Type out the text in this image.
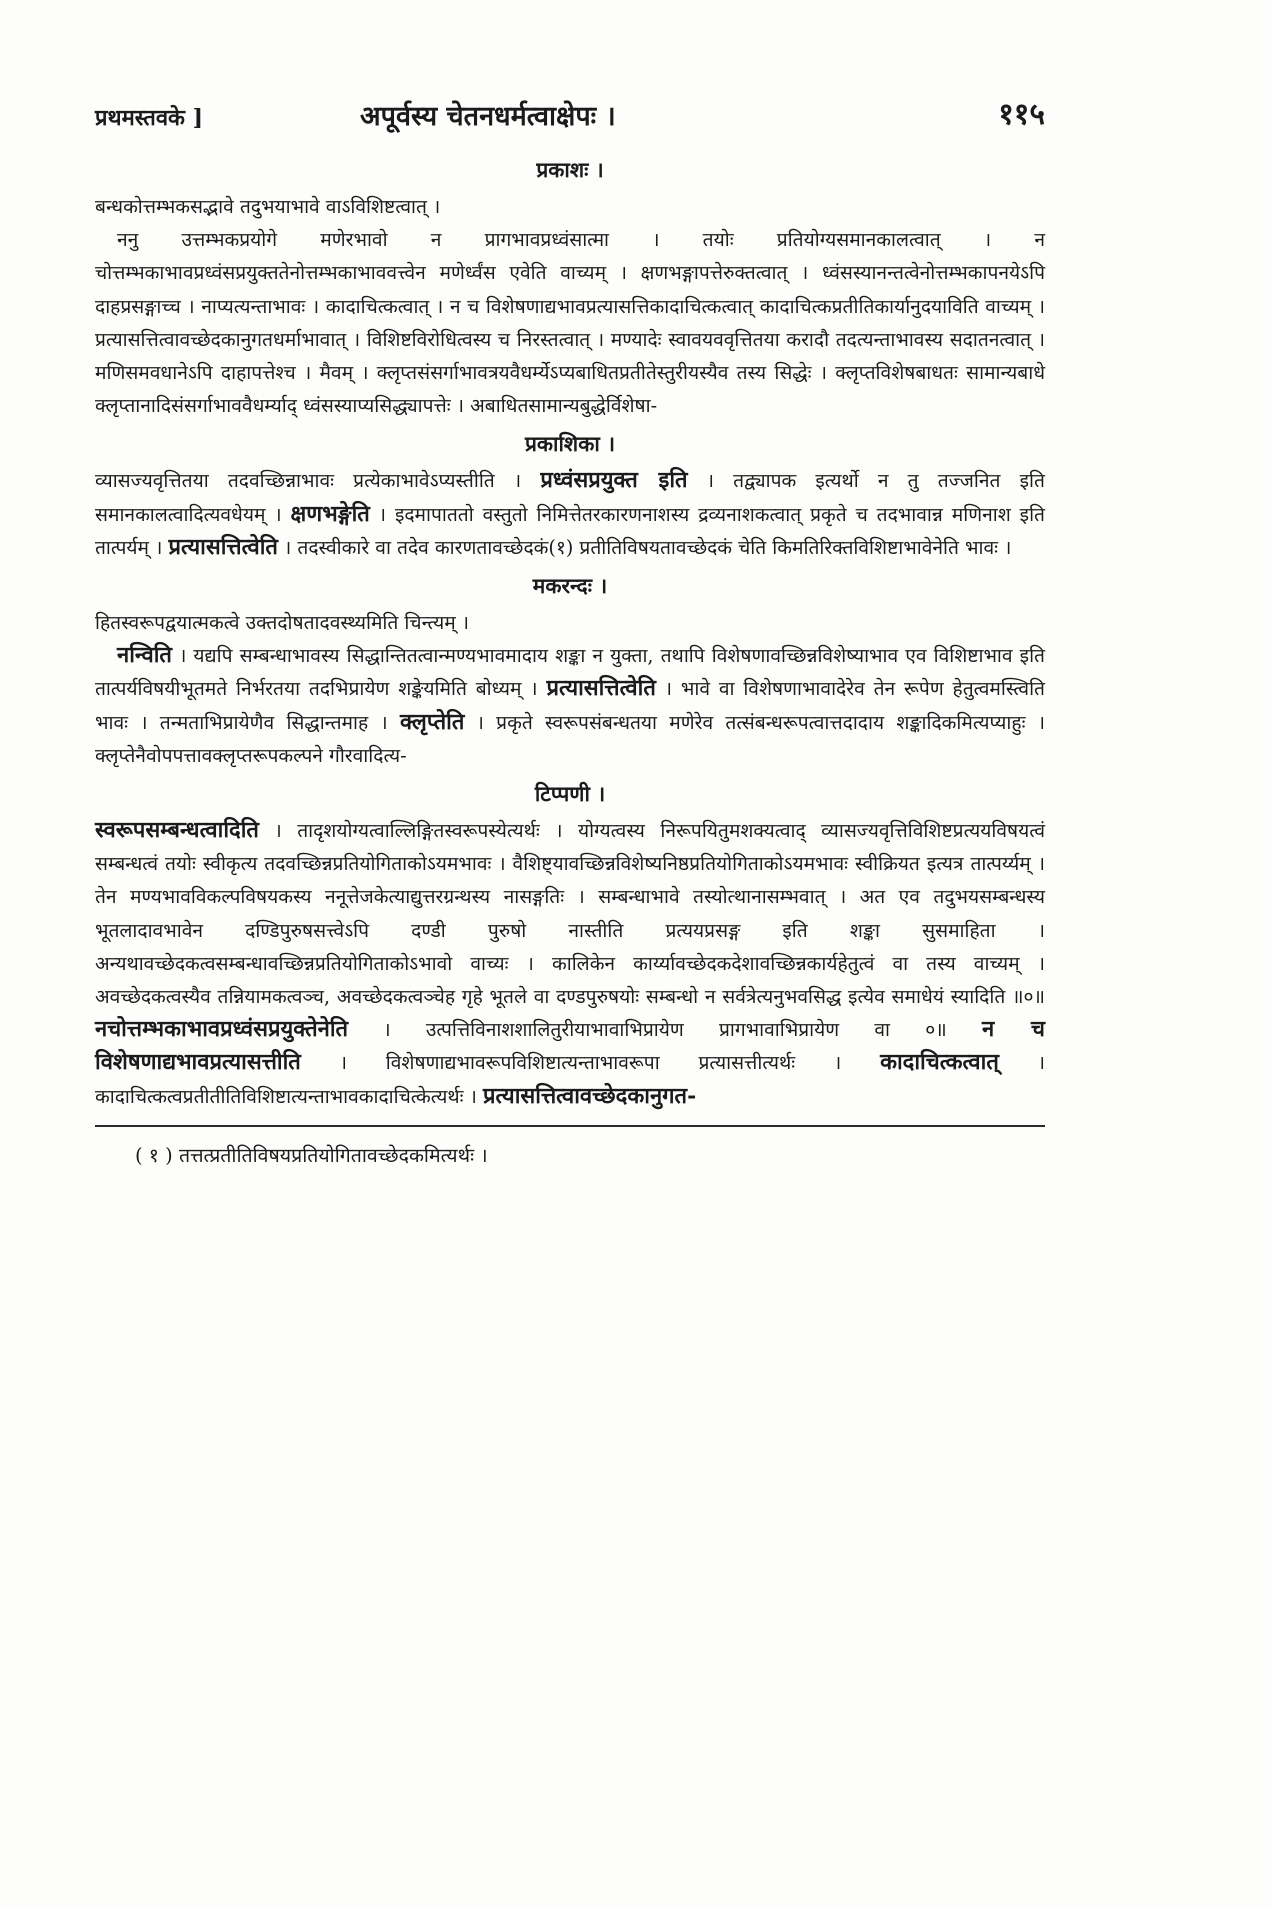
प्रथमस्तवके ]	अपूर्वस्य चेतनधर्मत्वाक्षेपः ।	११५
प्रकाशः ।

बन्धकोत्तम्भकसद्भावे तदुभयाभावे वाऽविशिष्टत्वात् ।

ननु उत्तम्भकप्रयोगे मणेरभावो न प्रागभावप्रध्वंसात्मा । तयोः प्रतियोग्यसमानकालत्वात् । न चोत्तम्भकाभावप्रध्वंसप्रयुक्ततेनोत्तम्भकाभाववत्त्वेन मणेर्ध्वंस एवेति वाच्यम् । क्षणभङ्गापत्तेरुक्तत्वात् । ध्वंसस्यानन्तत्वेनोत्तम्भकापनयेऽपि दाहप्रसङ्गाच्च । नाप्यत्यन्ताभावः । कादाचित्कत्वात् । न च विशेषणाद्यभावप्रत्यासत्तिकादाचित्कत्वात् कादाचित्कप्रतीतिकार्यानुदयाविति वाच्यम् । प्रत्यासत्तित्वावच्छेदकानुगतधर्माभावात् । विशिष्टविरोधित्वस्य च निरस्तत्वात् । मण्यादेः स्वावयववृत्तितया करादौ तदत्यन्ताभावस्य सदातनत्वात् । मणिसमवधानेऽपि दाहापत्तेश्च । मैवम् । क्लृप्तसंसर्गाभावत्रयवैधर्म्येऽप्यबाधितप्रतीतेस्तुरीयस्यैव तस्य सिद्धेः । क्लृप्तविशेषबाधतः सामान्यबाधे क्लृप्तानादिसंसर्गाभाववैधर्म्याद् ध्वंसस्याप्यसिद्ध्यापत्तेः । अबाधितसामान्यबुद्धेर्विशेषा-

प्रकाशिका ।

व्यासज्यवृत्तितया तदवच्छिन्नाभावः प्रत्येकाभावेऽप्यस्तीति । प्रध्वंसप्रयुक्त इति । तद्व्यापक इत्यर्थो न तु तज्जनित इति समानकालत्वादित्यवधेयम् । क्षणभङ्गेति । इदमापाततो वस्तुतो निमित्तेतरकारणनाशस्य द्रव्यनाशकत्वात् प्रकृते च तदभावान्न मणिनाश इति तात्पर्यम् । प्रत्यासत्तित्वेति । तदस्वीकारे वा तदेव कारणतावच्छेदकं(१) प्रतीतिविषयतावच्छेदकं चेति किमतिरिक्तविशिष्टाभावेनेति भावः ।

मकरन्दः ।

हितस्वरूपद्वयात्मकत्वे उक्तदोषतादवस्थ्यमिति चिन्त्यम् ।

नन्विति । यद्यपि सम्बन्धाभावस्य सिद्धान्तितत्वान्मण्यभावमादाय शङ्का न युक्ता, तथापि विशेषणावच्छिन्नविशेष्याभाव एव विशिष्टाभाव इति तात्पर्यविषयीभूतमते निर्भरतया तदभिप्रायेण शङ्केयमिति बोध्यम् । प्रत्यासत्तित्वेति । भावे वा विशेषणाभावादेरेव तेन रूपेण हेतुत्वमस्त्विति भावः । तन्मताभिप्रायेणैव सिद्धान्तमाह । क्लृप्तेति । प्रकृते स्वरूपसंबन्धतया मणेरेव तत्संबन्धरूपत्वात्तदादाय शङ्कादिकमित्यप्याहुः । क्लृप्तेनैवोपपत्तावक्लृप्तरूपकल्पने गौरवादित्य-

टिप्पणी ।

स्वरूपसम्बन्धत्वादिति । तादृशयोग्यत्वाल्लिङ्गितस्वरूपस्येत्यर्थः । योग्यत्वस्य निरूपयितुमशक्यत्वाद् व्यासज्यवृत्तिविशिष्टप्रत्ययविषयत्वं सम्बन्धत्वं तयोः स्वीकृत्य तदवच्छिन्नप्रतियोगिताकोऽयमभावः । वैशिष्ट्यावच्छिन्नविशेष्यनिष्ठप्रतियोगिताकोऽयमभावः स्वीक्रियत इत्यत्र तात्पर्य्यम् । तेन मण्यभावविकल्पविषयकस्य ननूत्तेजकेत्याद्युत्तरग्रन्थस्य नासङ्गतिः । सम्बन्धाभावे तस्योत्थानासम्भवात् । अत एव तदुभयसम्बन्धस्य भूतलादावभावेन दण्डिपुरुषसत्त्वेऽपि दण्डी पुरुषो नास्तीति प्रत्ययप्रसङ्ग इति शङ्का सुसमाहिता । अन्यथावच्छेदकत्वसम्बन्धावच्छिन्नप्रतियोगिताकोऽभावो वाच्यः । कालिकेन कार्य्यावच्छेदकदेशावच्छिन्नकार्यहेतुत्वं वा तस्य वाच्यम् । अवच्छेदकत्वस्यैव तन्नियामकत्वञ्च, अवच्छेदकत्वञ्चेह गृहे भूतले वा दण्डपुरुषयोः सम्बन्धो न सर्वत्रेत्यनुभवसिद्ध इत्येव समाधेयं स्यादिति ॥०॥ नचोत्तम्भकाभावप्रध्वंसप्रयुक्तेनेति । उत्पत्तिविनाशशालितुरीयाभावाभिप्रायेण प्रागभावाभिप्रायेण वा ०॥ न च विशेषणाद्यभावप्रत्यासत्तीति । विशेषणाद्यभावरूपविशिष्टात्यन्ताभावरूपा प्रत्यासत्तीत्यर्थः । कादाचित्कत्वात् । कादाचित्कत्वप्रतीतीतिविशिष्टात्यन्ताभावकादाचित्केत्यर्थः । प्रत्यासत्तित्वावच्छेदकानुगत-

( १ ) तत्तत्प्रतीतिविषयप्रतियोगितावच्छेदकमित्यर्थः ।
